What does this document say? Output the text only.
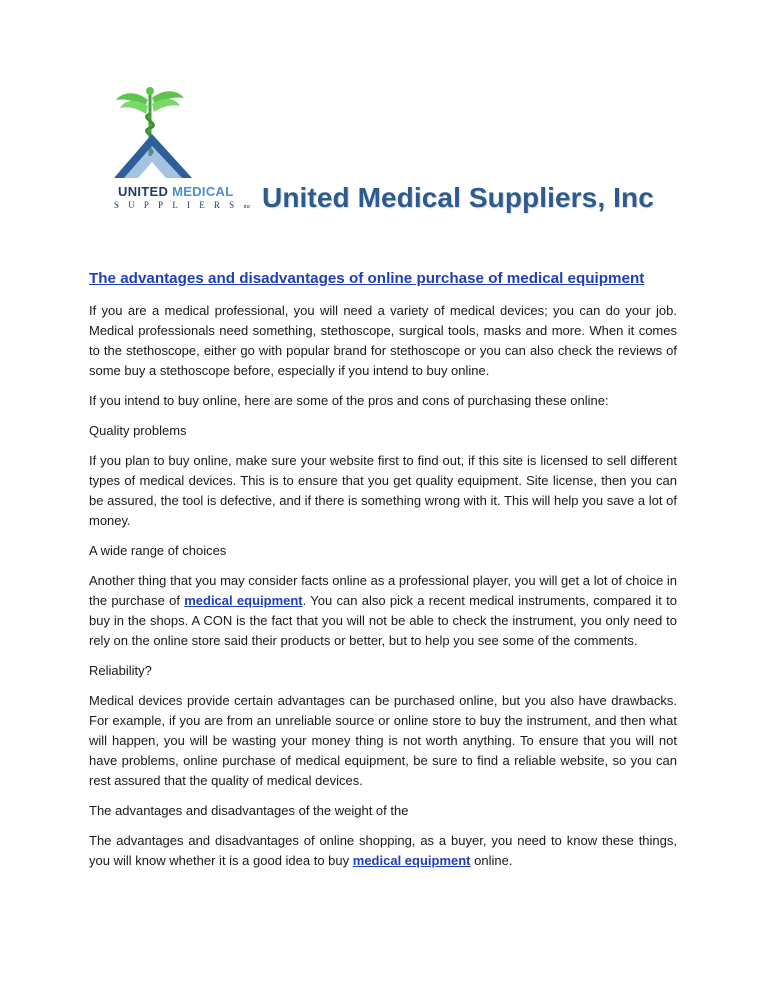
UNITED MEDICAL
SUPPLIERSinc United Medical Suppliers, Inc
The advantages and disadvantages of online purchase of medical equipment

If you are a medical professional, you will need a variety of medical devices; you can do your job. Medical professionals need something, stethoscope, surgical tools, masks and more. When it comes to the stethoscope, either go with popular brand for stethoscope or you can also check the reviews of some buy a stethoscope before, especially if you intend to buy online.

If you intend to buy online, here are some of the pros and cons of purchasing these online:

Quality problems

If you plan to buy online, make sure your website first to find out, if this site is licensed to sell different types of medical devices. This is to ensure that you get quality equipment. Site license, then you can be assured, the tool is defective, and if there is something wrong with it. This will help you save a lot of money.

A wide range of choices

Another thing that you may consider facts online as a professional player, you will get a lot of choice in the purchase of medical equipment. You can also pick a recent medical instruments, compared it to buy in the shops. A CON is the fact that you will not be able to check the instrument, you only need to rely on the online store said their products or better, but to help you see some of the comments.

Reliability?

Medical devices provide certain advantages can be purchased online, but you also have drawbacks. For example, if you are from an unreliable source or online store to buy the instrument, and then what will happen, you will be wasting your money thing is not worth anything. To ensure that you will not have problems, online purchase of medical equipment, be sure to find a reliable website, so you can rest assured that the quality of medical devices.

The advantages and disadvantages of the weight of the

The advantages and disadvantages of online shopping, as a buyer, you need to know these things, you will know whether it is a good idea to buy medical equipment online.
